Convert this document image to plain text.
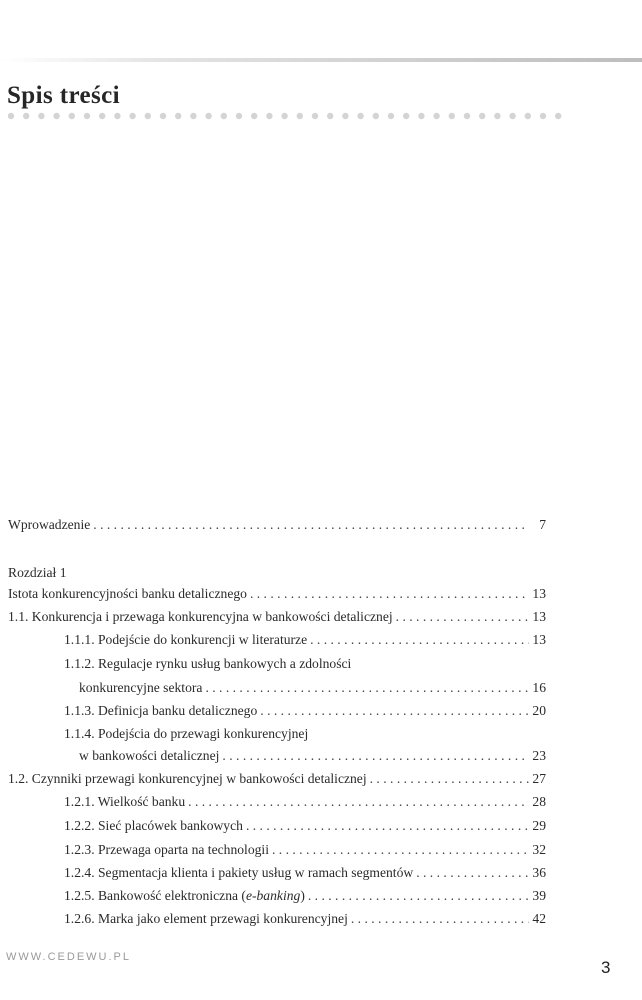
Spis treści
Wprowadzenie . . .	7
Rozdział 1
Istota konkurencyjności banku detalicznego . . .	13
1.1. Konkurencja i przewaga konkurencyjna w bankowości detalicznej . . .	13
1.1.1. Podejście do konkurencji w literaturze . . .	13
1.1.2. Regulacje rynku usług bankowych a zdolności
konkurencyjne sektora . . .	16
1.1.3. Definicja banku detalicznego . . .	20
1.1.4. Podejścia do przewagi konkurencyjnej
w bankowości detalicznej . . .	23
1.2. Czynniki przewagi konkurencyjnej w bankowości detalicznej . . .	27
1.2.1. Wielkość banku . . .	28
1.2.2. Sieć placówek bankowych . . .	29
1.2.3. Przewaga oparta na technologii . . .	32
1.2.4. Segmentacja klienta i pakiety usług w ramach segmentów . . .	36
1.2.5. Bankowość elektroniczna (e-banking) . . .	39
1.2.6. Marka jako element przewagi konkurencyjnej . . .	42
WWW.CEDEWU.PL
3
